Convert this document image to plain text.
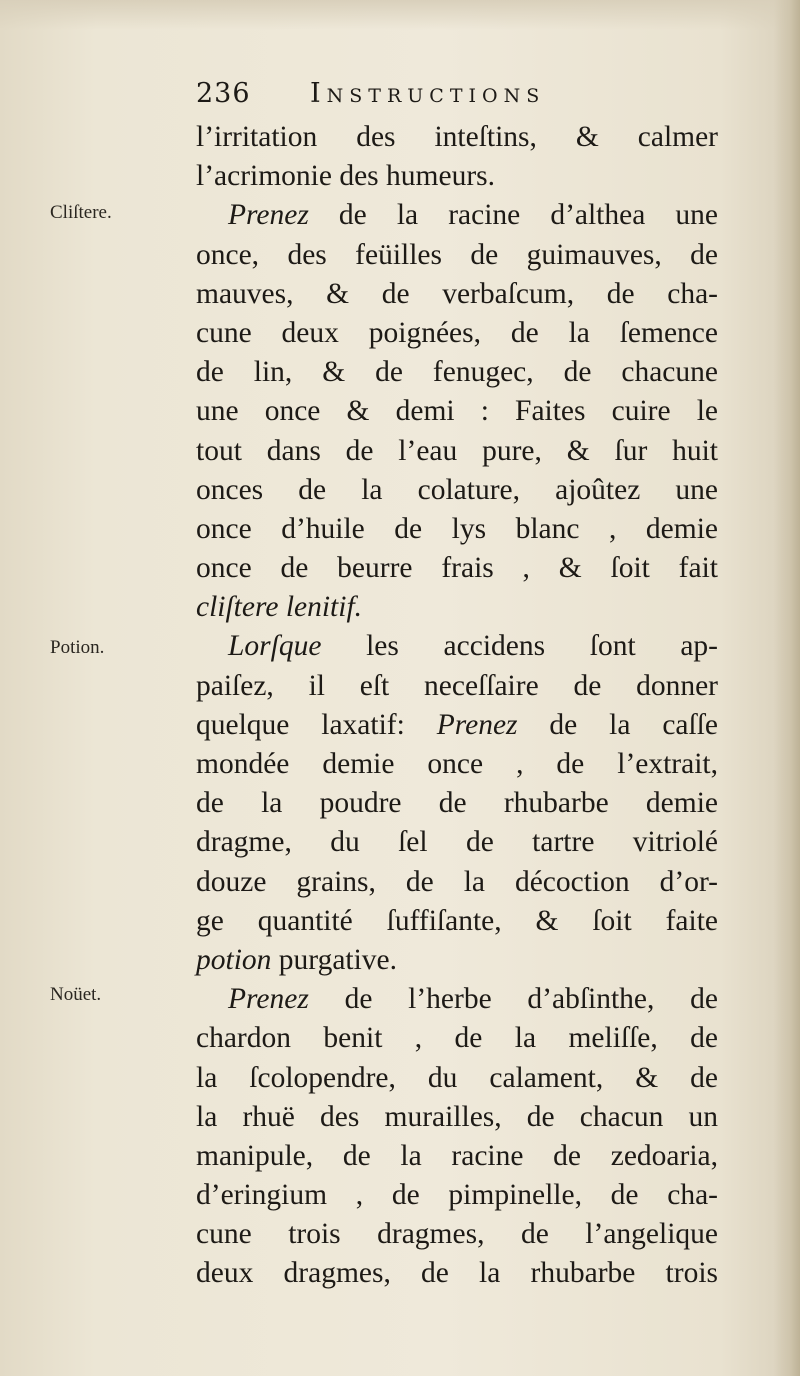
236 Instructions
Cliſtere.
Potion.
Noüet.
l’irritation des inteſtins, & calmer
l’acrimonie des humeurs.
Prenez de la racine d’althea une
once, des feüilles de guimauves, de
mauves, & de verbaſcum, de cha-
cune deux poignées, de la ſemence
de lin, & de fenugec, de chacune
une once & demi : Faites cuire le
tout dans de l’eau pure, & ſur huit
onces de la colature, ajoûtez une
once d’huile de lys blanc , demie
once de beurre frais , & ſoit fait
cliſtere lenitif.
Lorſque les accidens ſont ap-
paiſez, il eſt neceſſaire de donner
quelque laxatif: Prenez de la caſſe
mondée demie once , de l’extrait,
de la poudre de rhubarbe demie
dragme, du ſel de tartre vitriolé
douze grains, de la décoction d’or-
ge quantité ſuffiſante, & ſoit faite
potion purgative.
Prenez de l’herbe d’abſinthe, de
chardon benit , de la meliſſe, de
la ſcolopendre, du calament, & de
la rhuë des murailles, de chacun un
manipule, de la racine de zedoaria,
d’eringium , de pimpinelle, de cha-
cune trois dragmes, de l’angelique
deux dragmes, de la rhubarbe trois
